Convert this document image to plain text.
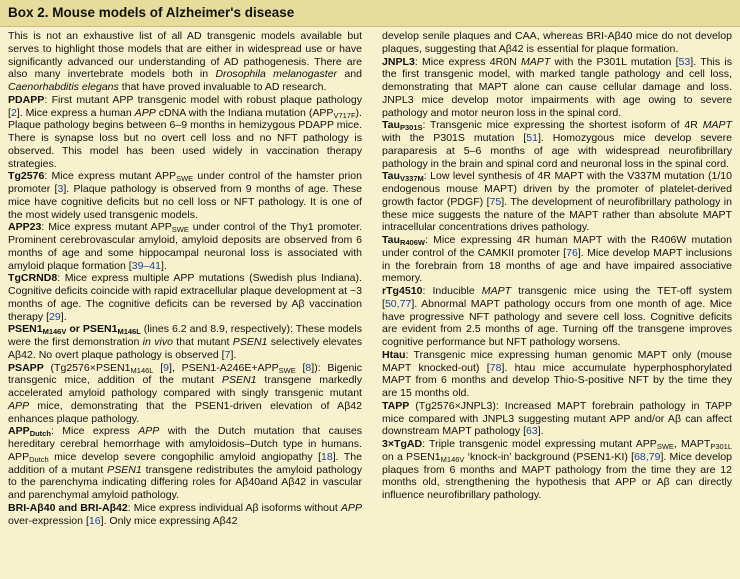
Box 2. Mouse models of Alzheimer's disease

This is not an exhaustive list of all AD transgenic models available but serves to highlight those models that are either in widespread use or have significantly advanced our understanding of AD pathogenesis. There are also many invertebrate models both in Drosophila melanogaster and Caenorhabditis elegans that have proved invaluable to AD research.

PDAPP: First mutant APP transgenic model with robust plaque pathology [2]. Mice express a human APP cDNA with the Indiana mutation $(APP_{V717F})$. Plaque pathology begins between 6–9 months in hemizygous PDAPP mice. There is synapse loss but no overt cell loss and no NFT pathology is observed. This model has been used widely in vaccination therapy strategies.

Tg2576: Mice express mutant $APP_{SWE}$ under control of the hamster prion promoter [3]. Plaque pathology is observed from 9 months of age. These mice have cognitive deficits but no cell loss or NFT pathology. It is one of the most widely used transgenic models.

APP23: Mice express mutant $APP_{SWE}$ under control of the Thy1 promoter. Prominent cerebrovascular amyloid, amyloid deposits are observed from 6 months of age and some hippocampal neuronal loss is associated with amyloid plaque formation [39–41].

TgCRND8: Mice express multiple APP mutations (Swedish plus Indiana). Cognitive deficits coincide with rapid extracellular plaque development at ~3 months of age. The cognitive deficits can be reversed by Aβ vaccination therapy [29].

$PSEN1_{M146V}$ or $PSEN1_{M146L}$ (lines 6.2 and 8.9, respectively): These models were the first demonstration in vivo that mutant PSEN1 selectively elevates Aβ42. No overt plaque pathology is observed [7].

PSAPP ($Tg2576\times PSEN1_{M146L}$ [9], $PSEN1-A246E+APP_{SWE}$ [8]): Bigenic transgenic mice, addition of the mutant PSEN1 transgene markedly accelerated amyloid pathology compared with singly transgenic mutant APP mice, demonstrating that the PSEN1-driven elevation of Aβ42 enhances plaque pathology.

$APP_{Dutch}$: Mice express APP with the Dutch mutation that causes hereditary cerebral hemorrhage with amyloidosis–Dutch type in humans. $APP_{Dutch}$ mice develop severe congophilic amyloid angiopathy [18]. The addition of a mutant PSEN1 transgene redistributes the amyloid pathology to the parenchyma indicating differing roles for Aβ40and Aβ42 in vascular and parenchymal amyloid pathology.

BRI-Aβ40 and BRI-Aβ42: Mice express individual Aβ isoforms without APP over-expression [16]. Only mice expressing Aβ42

develop senile plaques and CAA, whereas BRI-Aβ40 mice do not develop plaques, suggesting that Aβ42 is essential for plaque formation.

JNPL3: Mice express 4R0N MAPT with the P301L mutation [53]. This is the first transgenic model, with marked tangle pathology and cell loss, demonstrating that MAPT alone can cause cellular damage and loss. JNPL3 mice develop motor impairments with age owing to severe pathology and motor neuron loss in the spinal cord.

Tau$_{P301S}$: Transgenic mice expressing the shortest isoform of 4R MAPT with the P301S mutation [51]. Homozygous mice develop severe paraparesis at 5–6 months of age with widespread neurofibrillary pathology in the brain and spinal cord and neuronal loss in the spinal cord.

Tau$_{V337M}$: Low level synthesis of 4R MAPT with the V337M mutation (1/10 endogenous mouse MAPT) driven by the promoter of platelet-derived growth factor (PDGF) [75]. The development of neurofibrillary pathology in these mice suggests the nature of the MAPT rather than absolute MAPT intracellular concentrations drives pathology.

Tau$_{R406W}$: Mice expressing 4R human MAPT with the R406W mutation under control of the CAMKII promoter [76]. Mice develop MAPT inclusions in the forebrain from 18 months of age and have impaired associative memory.

rTg4510: Inducible MAPT transgenic mice using the TET-off system [50,77]. Abnormal MAPT pathology occurs from one month of age. Mice have progressive NFT pathology and severe cell loss. Cognitive deficits are evident from 2.5 months of age. Turning off the transgene improves cognitive performance but NFT pathology worsens.

Htau: Transgenic mice expressing human genomic MAPT only (mouse MAPT knocked-out) [78]. htau mice accumulate hyperphosphorylated MAPT from 6 months and develop Thio-S-positive NFT by the time they are 15 months old.

TAPP (Tg2576×JNPL3): Increased MAPT forebrain pathology in TAPP mice compared with JNPL3 suggesting mutant APP and/or Aβ can affect downstream MAPT pathology [63].

3×TgAD: Triple transgenic model expressing mutant $APP_{SWE}$, $MAPT_{P301L}$ on a $PSEN1_{M146V}$ ‘knock-in’ background (PSEN1-KI) [68,79]. Mice develop plaques from 6 months and MAPT pathology from the time they are 12 months old, strengthening the hypothesis that APP or Aβ can directly influence neurofibrillary pathology.
